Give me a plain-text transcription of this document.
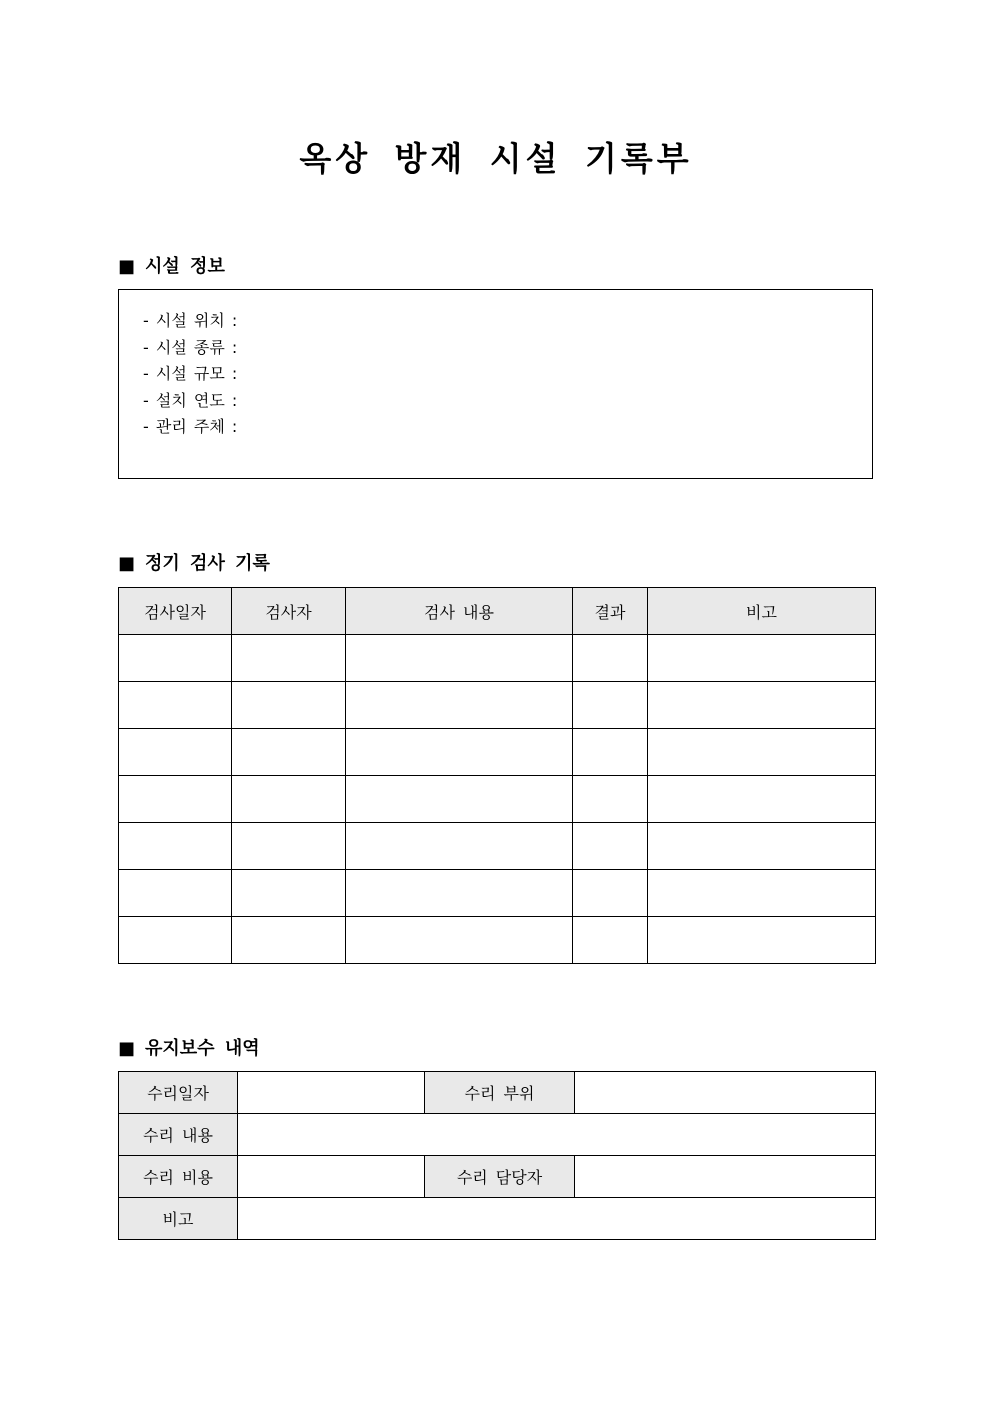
옥상 방재 시설 기록부
■ 시설 정보
- 시설 위치 :
- 시설 종류 :
- 시설 규모 :
- 설치 연도 :
- 관리 주체 :
■ 정기 검사 기록
검사일자	검사자	검사 내용	결과	비고

■ 유지보수 내역
수리일자		수리 부위	
수리 내용			
수리 비용		수리 담당자	
비고			
